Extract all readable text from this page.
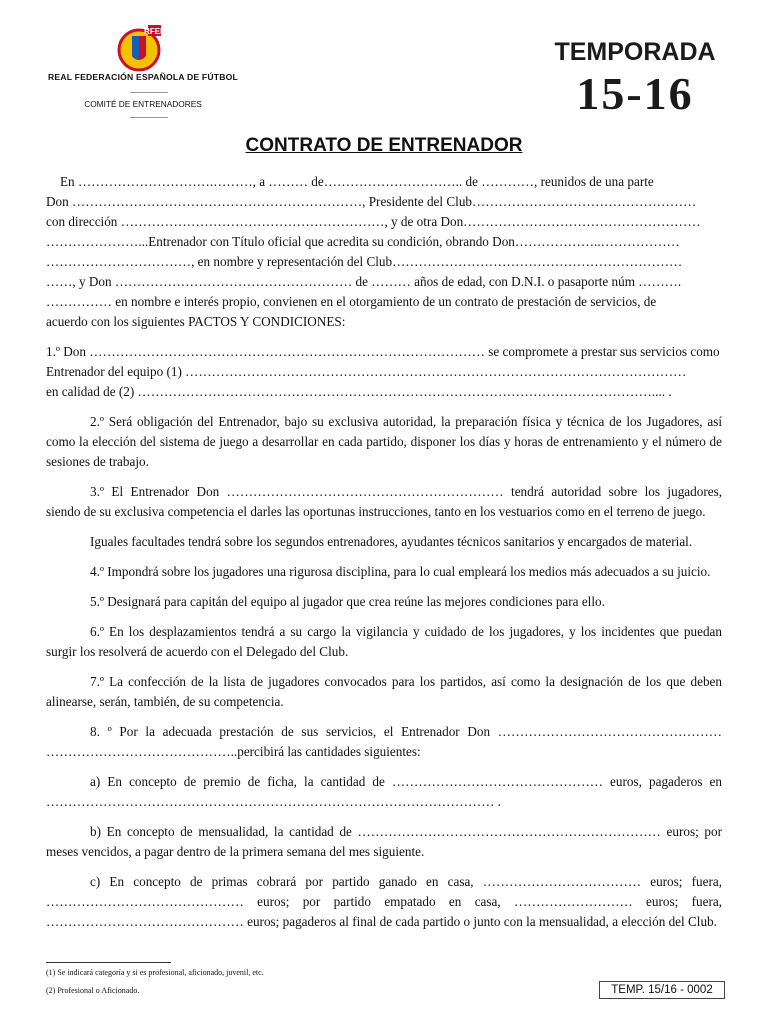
RFEF
REAL FEDERACIÓN ESPAÑOLA DE FÚTBOL
COMITÉ DE ENTRENADORES
TEMPORADA
15-16
CONTRATO DE ENTRENADOR

En ………………………….………, a ……… de………………………….. de …………, reunidos de una parte

Don …………………………………………………………, Presidente del Club……………………………………………

con dirección ……………………………………………………, y de otra Don………………………………………………

…………………...Entrenador con Título oficial que acredita su condición, obrando Don………………..………………

……………………………, en nombre y representación del Club…………………………………………………………

……, y Don ……………………………………………… de ……… años de edad, con D.N.I. o pasaporte núm ……….

…………… en nombre e interés propio, convienen en el otorgamiento de un contrato de prestación de servicios, de

acuerdo con los siguientes PACTOS Y CONDICIONES:

1.º Don ……………………………………………………………………………… se compromete a prestar sus servicios como

Entrenador del equipo (1) ……………………………………………………………………………………………………

en calidad de (2) ……………………………………………………………………………………………………….... .

2.º Será obligación del Entrenador, bajo su exclusiva autoridad, la preparación física y técnica de los Jugadores, así como la elección del sistema de juego a desarrollar en cada partido, disponer los días y horas de entrenamiento y el número de sesiones de trabajo.

3.º El Entrenador Don ……………………………………………………… tendrá autoridad sobre los jugadores, siendo de su exclusiva competencia el darles las oportunas instrucciones, tanto en los vestuarios como en el terreno de juego.

Iguales facultades tendrá sobre los segundos entrenadores, ayudantes técnicos sanitarios y encargados de material.

4.º Impondrá sobre los jugadores una rigurosa disciplina, para lo cual empleará los medios más adecuados a su juicio.

5.º Designará para capitán del equipo al jugador que crea reúne las mejores condiciones para ello.

6.º En los desplazamientos tendrá a su cargo la vigilancia y cuidado de los jugadores, y los incidentes que puedan surgir los resolverá de acuerdo con el Delegado del Club.

7.º La confección de la lista de jugadores convocados para los partidos, así como la designación de los que deben alinearse, serán, también, de su competencia.

8. º Por la adecuada prestación de sus servicios, el Entrenador Don …………………………………………… ……………………………………..percibirá las cantidades siguientes:

a) En concepto de premio de ficha, la cantidad de ………………………………………… euros, pagaderos en ………………………………………………………………………………………… .

b) En concepto de mensualidad, la cantidad de …………………………………………………………… euros; por meses vencidos, a pagar dentro de la primera semana del mes siguiente.

c) En concepto de primas cobrará por partido ganado en casa, ……………………………… euros; fuera, ……………………………………… euros; por partido empatado en casa, ……………………… euros; fuera, ……………………………………… euros; pagaderos al final de cada partido o junto con la mensualidad, a elección del Club.

(1) Se indicará categoría y si es profesional, aficionado, juvenil, etc.
(2) Profesional o Aficionado.	TEMP. 15/16 - 0002
